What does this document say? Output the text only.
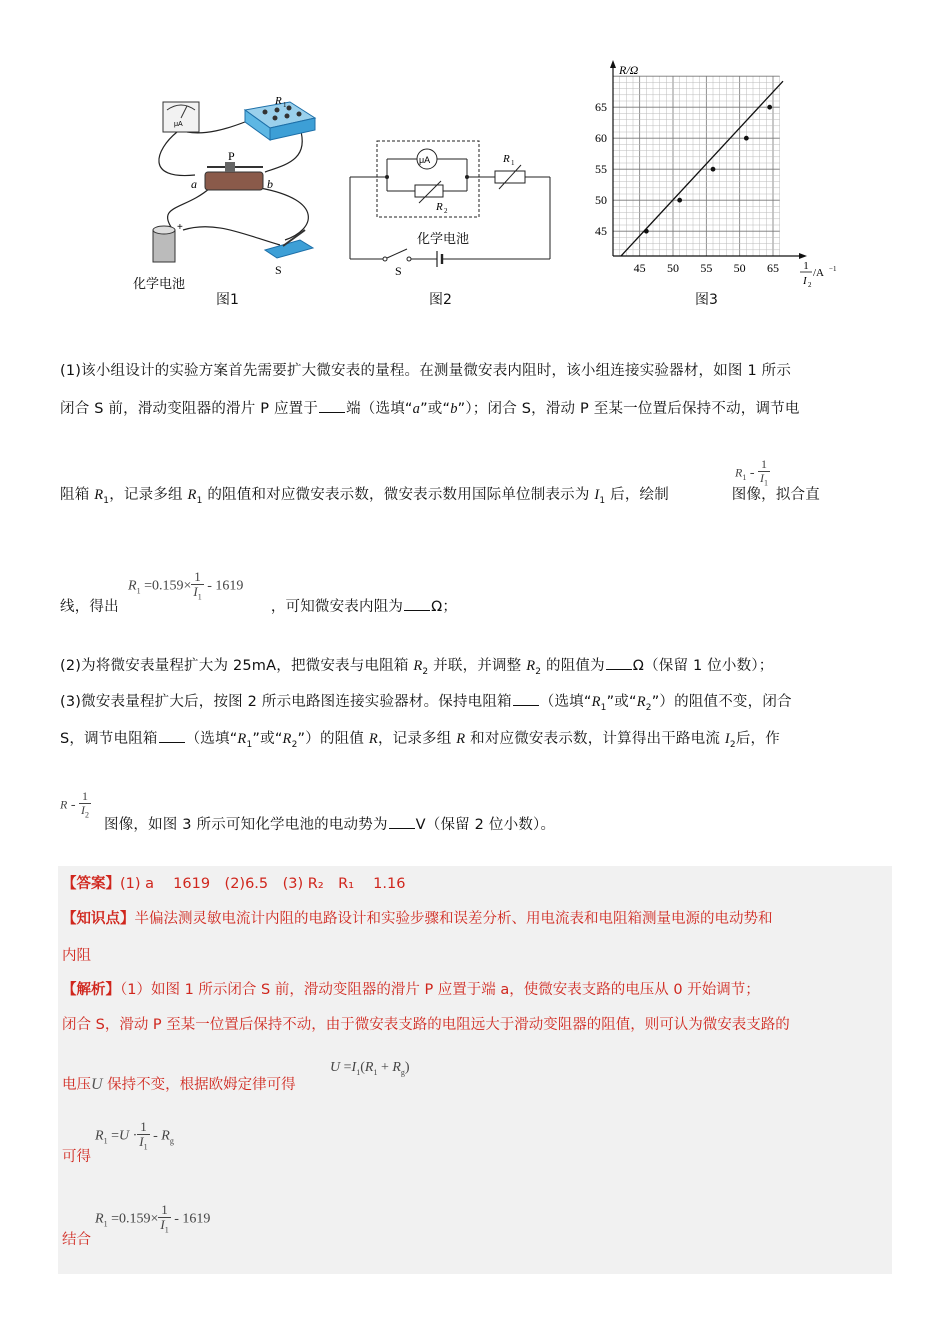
μA
R 1
P
a	b
+
化学电池
S
图1
μA
R 2
R 1
S
化学电池
图2
45 50 55 50 65
45
50
55
60
65
R/Ω
1
I 2
/A −1
图3
(1)该小组设计的实验方案首先需要扩大微安表的量程。在测量微安表内阻时，该小组连接实验器材，如图 1 所示
闭合 S 前，滑动变阻器的滑片 P 应置于 端（选填“a”或“b”）；闭合 S，滑动 P 至某一位置后保持不动，调节电
$R_1 - \frac{1}{I_1}$
阻箱 $R_1$，记录多组 $R_1$ 的阻值和对应微安表示数，微安表示数用国际单位制表示为 $I_1$ 后，绘制	图像，拟合直
$R_1 =0.159\times \frac{1}{I_1} - 1619$
线，得出	，可知微安表内阻为 Ω；
(2)为将微安表量程扩大为 25mA，把微安表与电阻箱 $R_2$ 并联，并调整 $R_2$ 的阻值为 Ω（保留 1 位小数）；
(3)微安表量程扩大后，按图 2 所示电路图连接实验器材。保持电阻箱 （选填“$R_1$”或“$R_2$”）的阻值不变，闭合
S，调节电阻箱 （选填“$R_1$”或“$R_2$”）的阻值 R，记录多组 R 和对应微安表示数，计算得出干路电流 $I_2$后，作
R - $\frac{1}{I_2}$
图像，如图 3 所示可知化学电池的电动势为 V（保留 2 位小数）。
【答案】(1) a　 1619　(2)6.5　(3) R₂　R₁　 1.16
【知识点】半偏法测灵敏电流计内阻的电路设计和实验步骤和误差分析、用电流表和电阻箱测量电源的电动势和
内阻
【解析】（1）如图 1 所示闭合 S 前，滑动变阻器的滑片 P 应置于端 a，使微安表支路的电压从 0 开始调节；
闭合 S，滑动 P 至某一位置后保持不动，由于微安表支路的电阻远大于滑动变阻器的阻值，则可认为微安表支路的
$U =I_1(R_1 + R_g)$
电压U 保持不变，根据欧姆定律可得
$R_1 =U \cdot \frac{1}{I_1} - R_g$
可得
$R_1 =0.159\times \frac{1}{I_1} - 1619$
结合
